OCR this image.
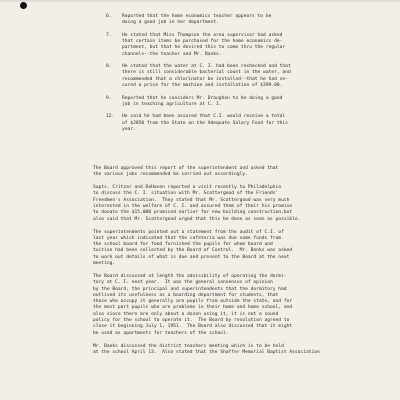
6. Reported that the home economics teacher appears to be
doing a good job in her department.
7. He stated that Miss Thompson the area supervisor had asked
that certain items be purchased for the home economics de-
partment, but that he desired this to come thru the regular
channels--the teacher and Mr. Banks.
8. He stated that the water at C. I. had been rechecked and that
there is still considerable bacterial count in the water, and
recommended that a chlorinator be installed--that he had se-
cured a price for the machine and installation of $399.00.
9. Reported that he considers Mr. Draughan to be doing a good
job in teaching agriculture at C. I.
12. He said he had been assured that C.I. would receive a total
of $2850 from the State on the Adequate Salary Fund for this
year.
The Board approved this report of the superintendent and asked that
the various jobs recommended be carried out accordingly.
Supts. Critzer and DeHaven reported a visit recently to Philadelphia
to discuss the C. I. situation with Mr. Scattergood of the Friends'
Freedmen's Association.  They stated that Mr. Scattergood was very much
interested in the welfare of C. I. and assured them of their his promise
to donate the $15,000 promised earlier for new building construction,but
also said that Mr. Scattergood urged that this be done as soon as possible.
The superintendents pointed out a statement from the audit of C.I. of
last year which indicated that the cafeteria was due some funds from
the school board for food furnished the pupils for whom board and
tuition had been collected by the Board of Control.  Mr. Banks was asked
to work out details of what is due and present to the Board at the next
meeting.
The Board discussed at length the advisibility of operating the dormi-
tory at C. I. next year.  It was the general consensus of opinion
by the Board, the principal and superintendents that the dormitory had
outlived its usefulness as a boarding department for students, that
those who occupy it generally are pupils from outside the state, and for
the most part pupils who are problems in their home and home school, and
also since there are only about a dozen using it, it is not a sound
policy for the school to operate it.  The Board by resolution agreed to
close it beginning July 1, 1951.  The Board also discussed that it might
be used as apartments for teachers of the school.
Mr. Banks discussed the district teachers meeting which is to be held
at the school April 13.  Also stated that the Shaffer Memorial Baptist Association
